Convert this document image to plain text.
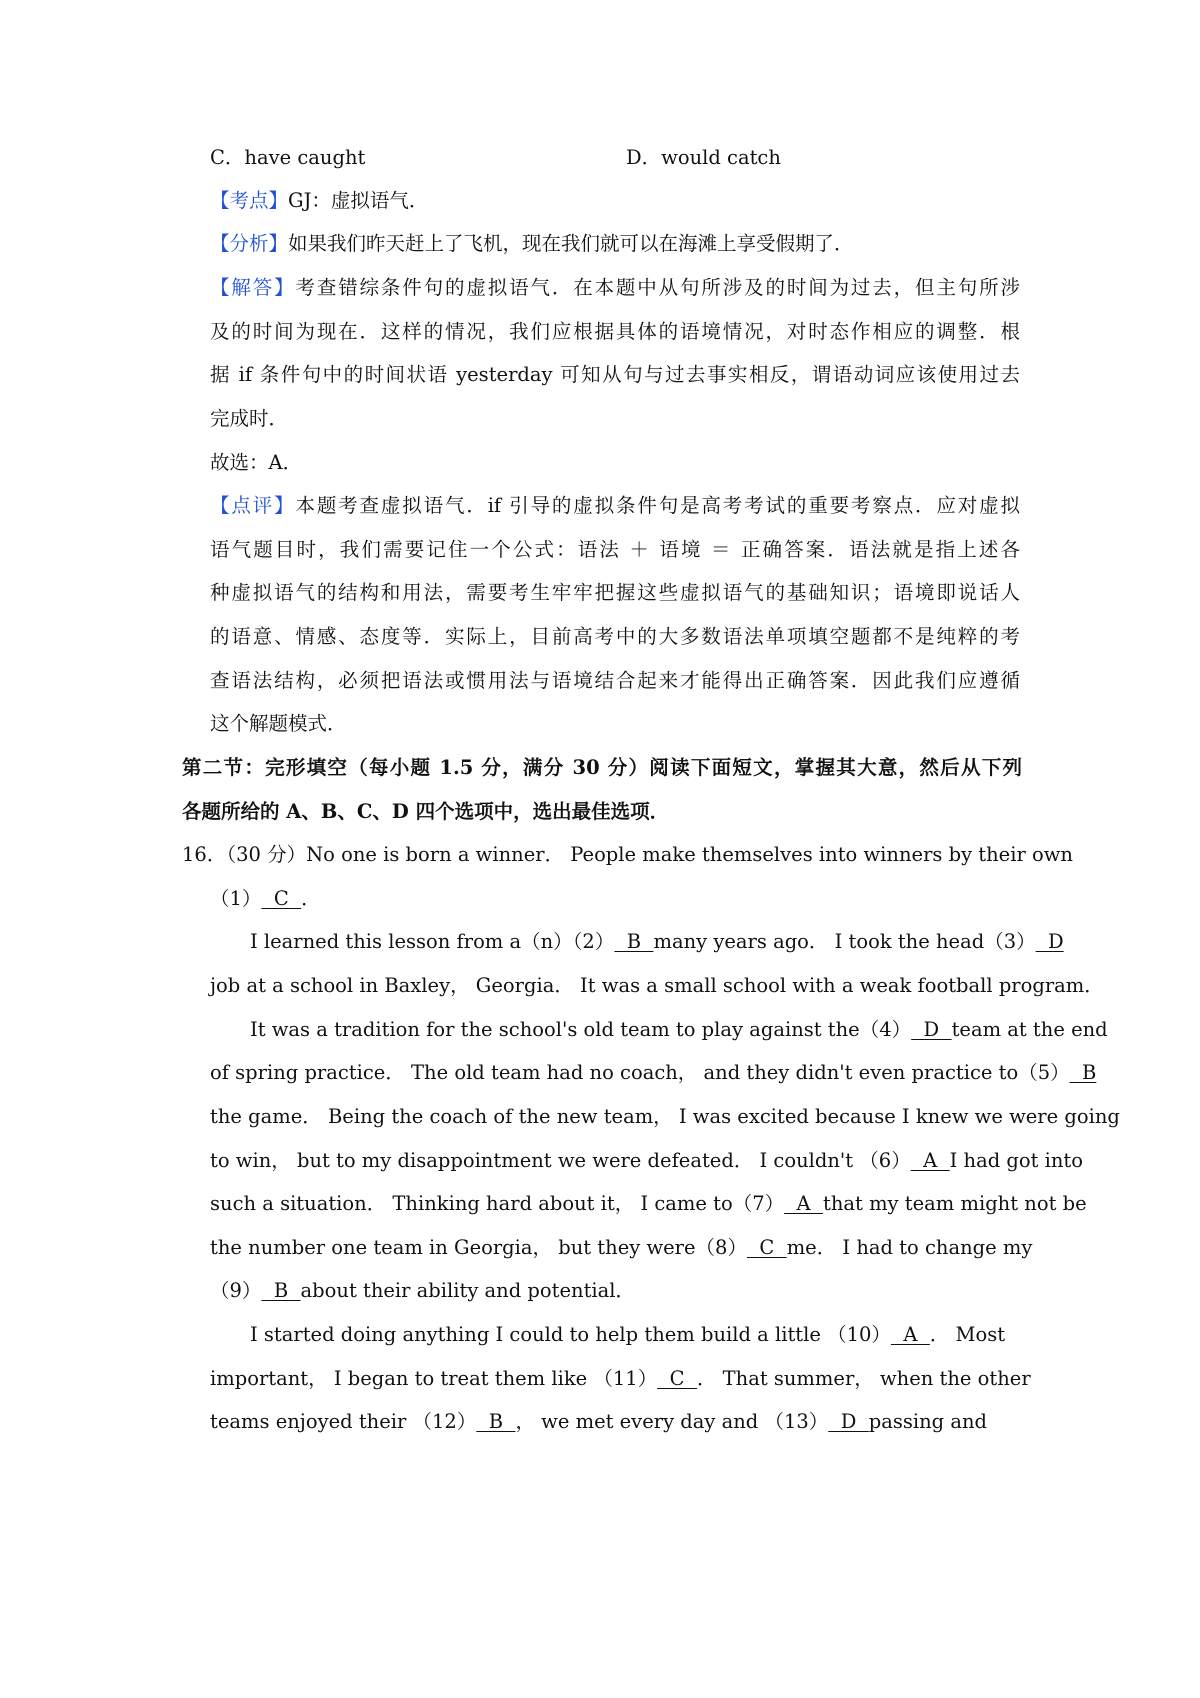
C．have caught	D．would catch
【考点】GJ：虚拟语气．
【分析】如果我们昨天赶上了飞机，现在我们就可以在海滩上享受假期了．
【解答】考查错综条件句的虚拟语气．在本题中从句所涉及的时间为过去，但主句所涉
及的时间为现在．这样的情况，我们应根据具体的语境情况，对时态作相应的调整．根
据 if 条件句中的时间状语 yesterday 可知从句与过去事实相反，谓语动词应该使用过去
完成时．
故选：A．
【点评】本题考查虚拟语气．if 引导的虚拟条件句是高考考试的重要考察点．应对虚拟
语气题目时，我们需要记住一个公式：语法 ＋ 语境 ＝ 正确答案．语法就是指上述各
种虚拟语气的结构和用法，需要考生牢牢把握这些虚拟语气的基础知识；语境即说话人
的语意、情感、态度等．实际上，目前高考中的大多数语法单项填空题都不是纯粹的考
查语法结构，必须把语法或惯用法与语境结合起来才能得出正确答案．因此我们应遵循
这个解题模式．
第二节：完形填空（每小题 1.5 分，满分 30 分）阅读下面短文，掌握其大意，然后从下列
各题所给的 A、B、C、D 四个选项中，选出最佳选项．
16．（30 分）No one is born a winner． People make themselves into winners by their own
（1）  C  ．
I learned this lesson from a（n）（2）  B  many years ago． I took the head（3）  D
job at a school in Baxley， Georgia． It was a small school with a weak football program．
It was a tradition for the school's old team to play against the（4）  D  team at the end
of spring practice． The old team had no coach， and they didn't even practice to（5）  B
the game． Being the coach of the new team， I was excited because I knew we were going
to win， but to my disappointment we were defeated． I couldn't （6）  A  I had got into
such a situation． Thinking hard about it， I came to（7）  A  that my team might not be
the number one team in Georgia， but they were（8）  C  me． I had to change my
（9）  B  about their ability and potential．
I started doing anything I could to help them build a little （10）  A  ． Most
important， I began to treat them like （11）  C  ． That summer， when the other
teams enjoyed their （12）  B  ， we met every day and （13）  D  passing and
